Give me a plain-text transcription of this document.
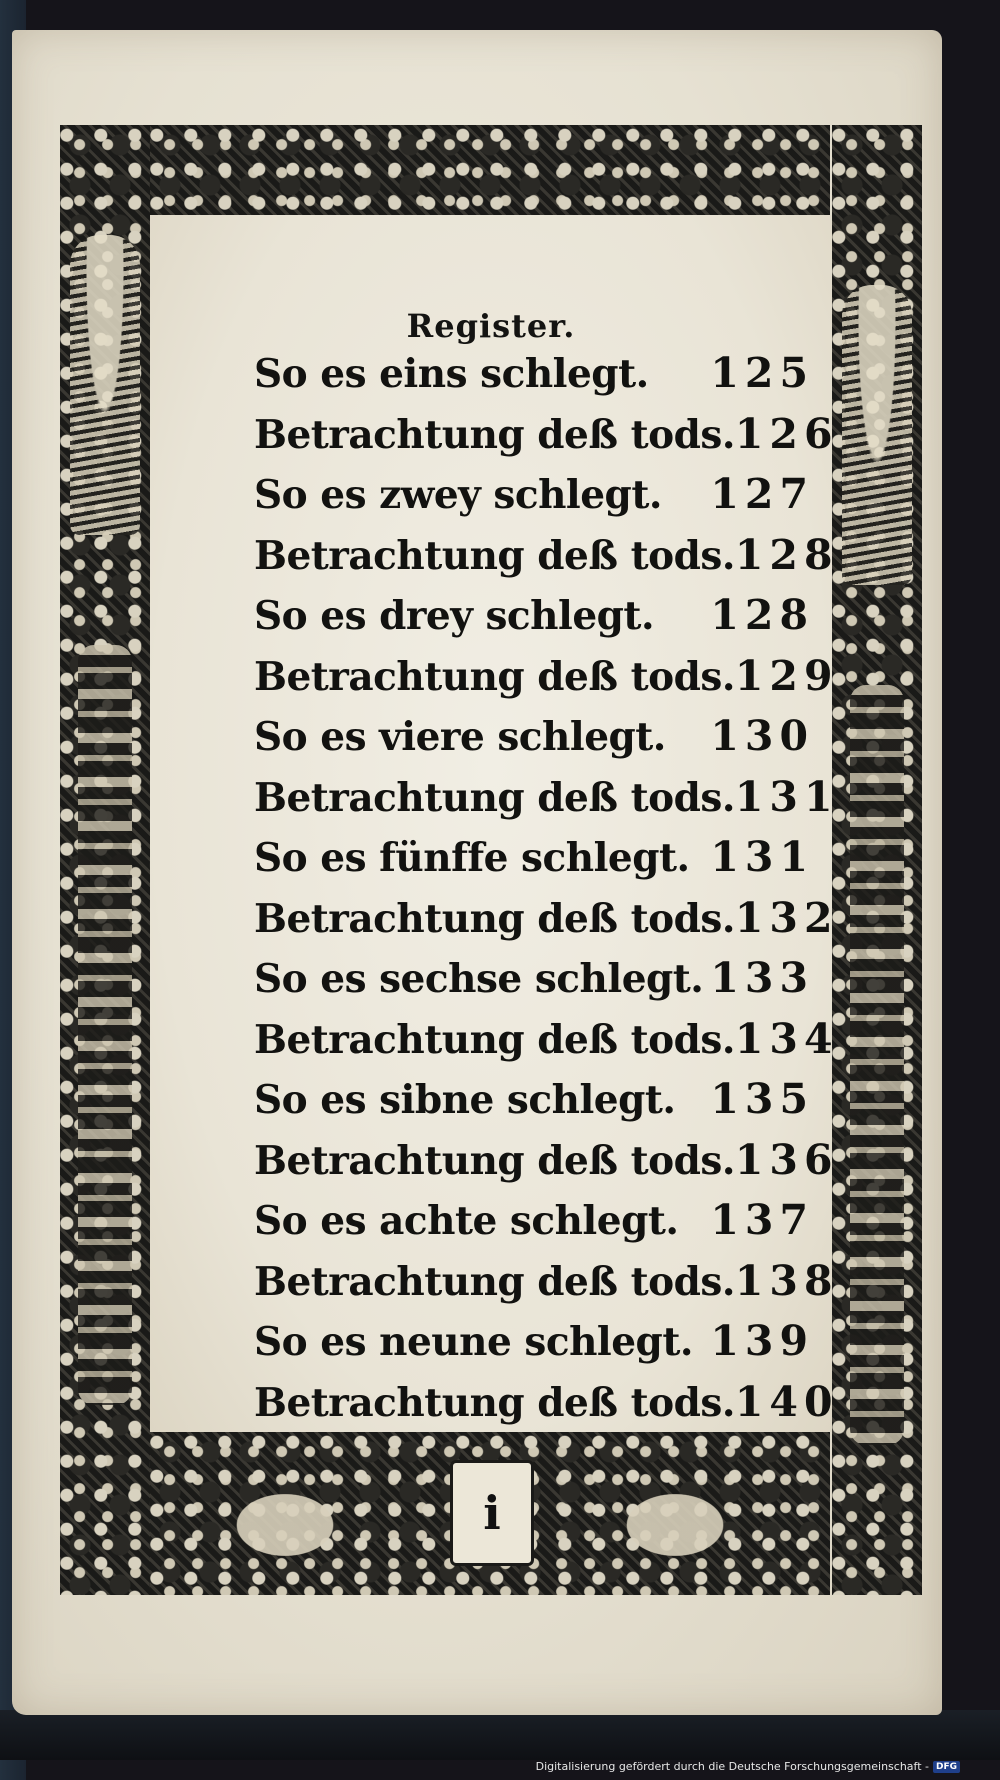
i
Register.
So es eins schlegt. 125
Betrachtung deß tods. 126
So es zwey schlegt. 127
Betrachtung deß tods. 128
So es drey schlegt. 128
Betrachtung deß tods. 129
So es viere schlegt. 130
Betrachtung deß tods. 131
So es fünffe schlegt. 131
Betrachtung deß tods. 132
So es sechse schlegt. 133
Betrachtung deß tods. 134
So es sibne schlegt. 135
Betrachtung deß tods. 136
So es achte schlegt. 137
Betrachtung deß tods. 138
So es neune schlegt. 139
Betrachtung deß tods. 140
Digitalisierung gefördert durch die Deutsche Forschungsgemeinschaft - DFG
